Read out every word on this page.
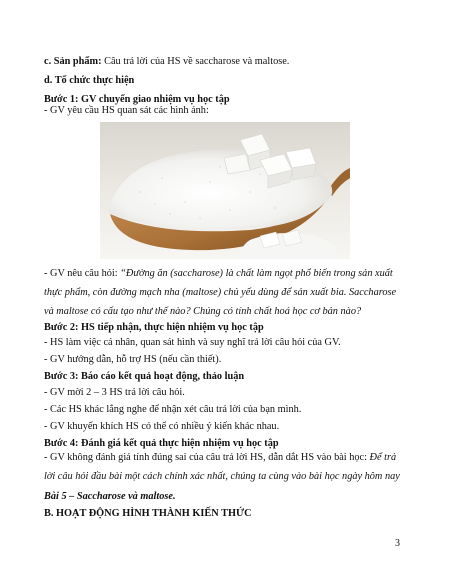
c. Sản phẩm: Câu trả lời của HS về saccharose và maltose.
d. Tổ chức thực hiện
Bước 1: GV chuyển giao nhiệm vụ học tập
- GV yêu cầu HS quan sát các hình ảnh:
- GV nêu câu hỏi: “Đường ăn (saccharose) là chất làm ngọt phổ biến trong sản xuất thực phẩm, còn đường mạch nha (maltose) chủ yếu dùng để sản xuất bia. Saccharose và maltose có cấu tạo như thế nào? Chúng có tính chất hoá học cơ bản nào?
Bước 2: HS tiếp nhận, thực hiện nhiệm vụ học tập
- HS làm việc cá nhân, quan sát hình và suy nghĩ trả lời câu hỏi của GV.
- GV hướng dẫn, hỗ trợ HS (nếu cần thiết).
Bước 3: Báo cáo kết quả hoạt động, thảo luận
- GV mời 2 – 3 HS trả lời câu hỏi.
- Các HS khác lắng nghe để nhận xét câu trả lời của bạn mình.
- GV khuyến khích HS có thể có nhiều ý kiến khác nhau.
Bước 4: Đánh giá kết quả thực hiện nhiệm vụ học tập
- GV không đánh giá tính đúng sai của câu trả lời HS, dẫn dắt HS vào bài học: Để trả lời câu hỏi đầu bài một cách chính xác nhất, chúng ta cùng vào bài học ngày hôm nay
Bài 5 – Saccharose và maltose.
B. HOẠT ĐỘNG HÌNH THÀNH KIẾN THỨC
3
